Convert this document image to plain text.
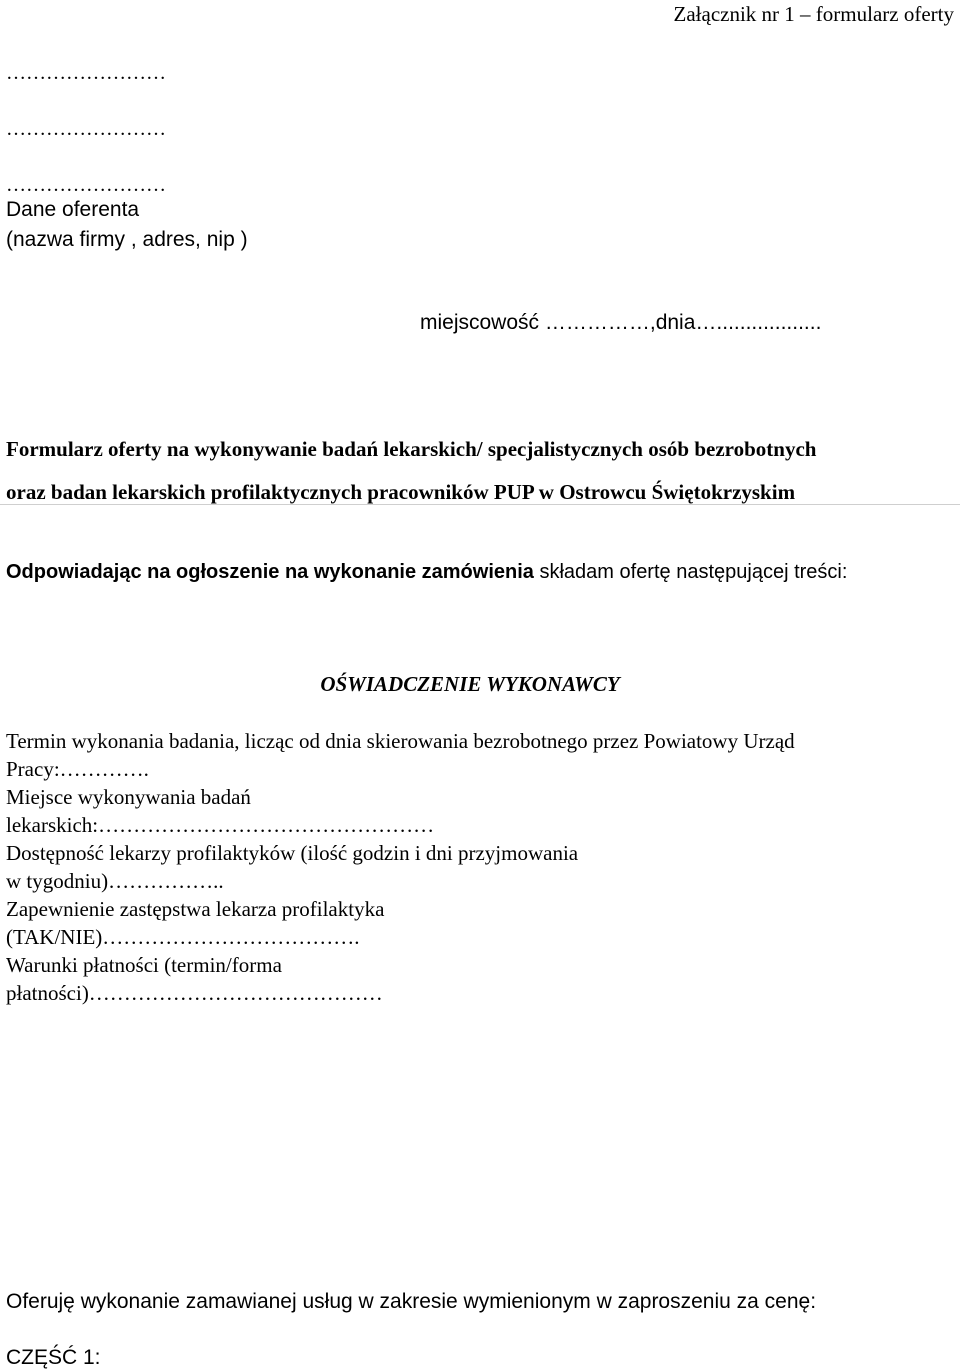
Załącznik nr 1 – formularz oferty
……………………
……………………
……………………
Dane oferenta
(nazwa firmy , adres, nip )
miejscowość ……………,dnia…..................
Formularz oferty na wykonywanie badań lekarskich/ specjalistycznych osób bezrobotnych
oraz badan lekarskich profilaktycznych pracowników PUP w Ostrowcu Świętokrzyskim
Odpowiadając na ogłoszenie na wykonanie zamówienia składam ofertę następującej treści:
OŚWIADCZENIE WYKONAWCY
Termin wykonania badania, licząc od dnia skierowania bezrobotnego przez Powiatowy Urząd
Pracy:………….
Miejsce wykonywania badań
lekarskich:…………………………………………
Dostępność lekarzy profilaktyków (ilość godzin i dni przyjmowania
w tygodniu)……………..
Zapewnienie zastępstwa lekarza profilaktyka
(TAK/NIE)……………………………….
Warunki płatności (termin/forma
płatności)……………………………………
Oferuję wykonanie zamawianej usług w zakresie wymienionym w zaproszeniu za cenę:
CZĘŚĆ 1:
